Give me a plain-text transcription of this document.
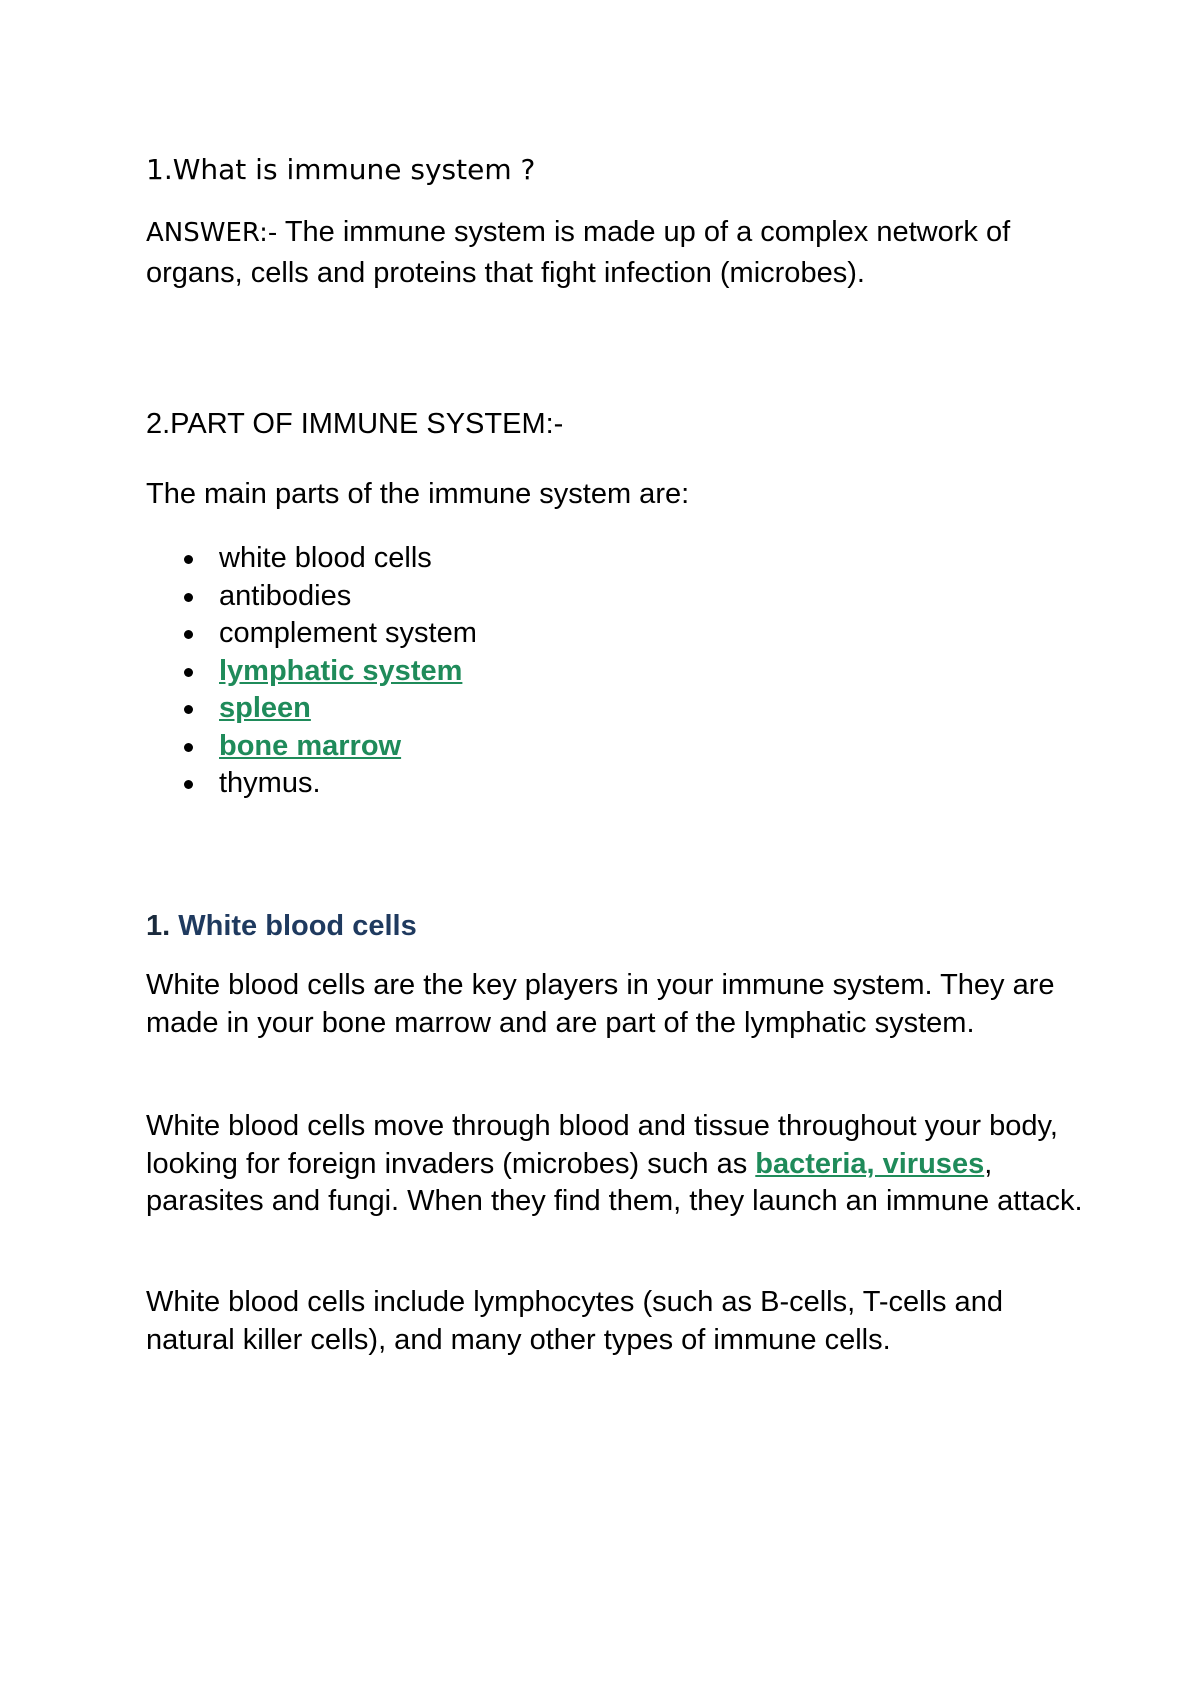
1.What is immune system ?
ANSWER:- The immune system is made up of a complex network of organs, cells and proteins that fight infection (microbes).
2.PART OF IMMUNE SYSTEM:-
The main parts of the immune system are:
white blood cells
antibodies
complement system
lymphatic system
spleen
bone marrow
thymus.
1. White blood cells
White blood cells are the key players in your immune system. They are made in your bone marrow and are part of the lymphatic system.
White blood cells move through blood and tissue throughout your body, looking for foreign invaders (microbes) such as bacteria, viruses, parasites and fungi. When they find them, they launch an immune attack.
White blood cells include lymphocytes (such as B-cells, T-cells and natural killer cells), and many other types of immune cells.
